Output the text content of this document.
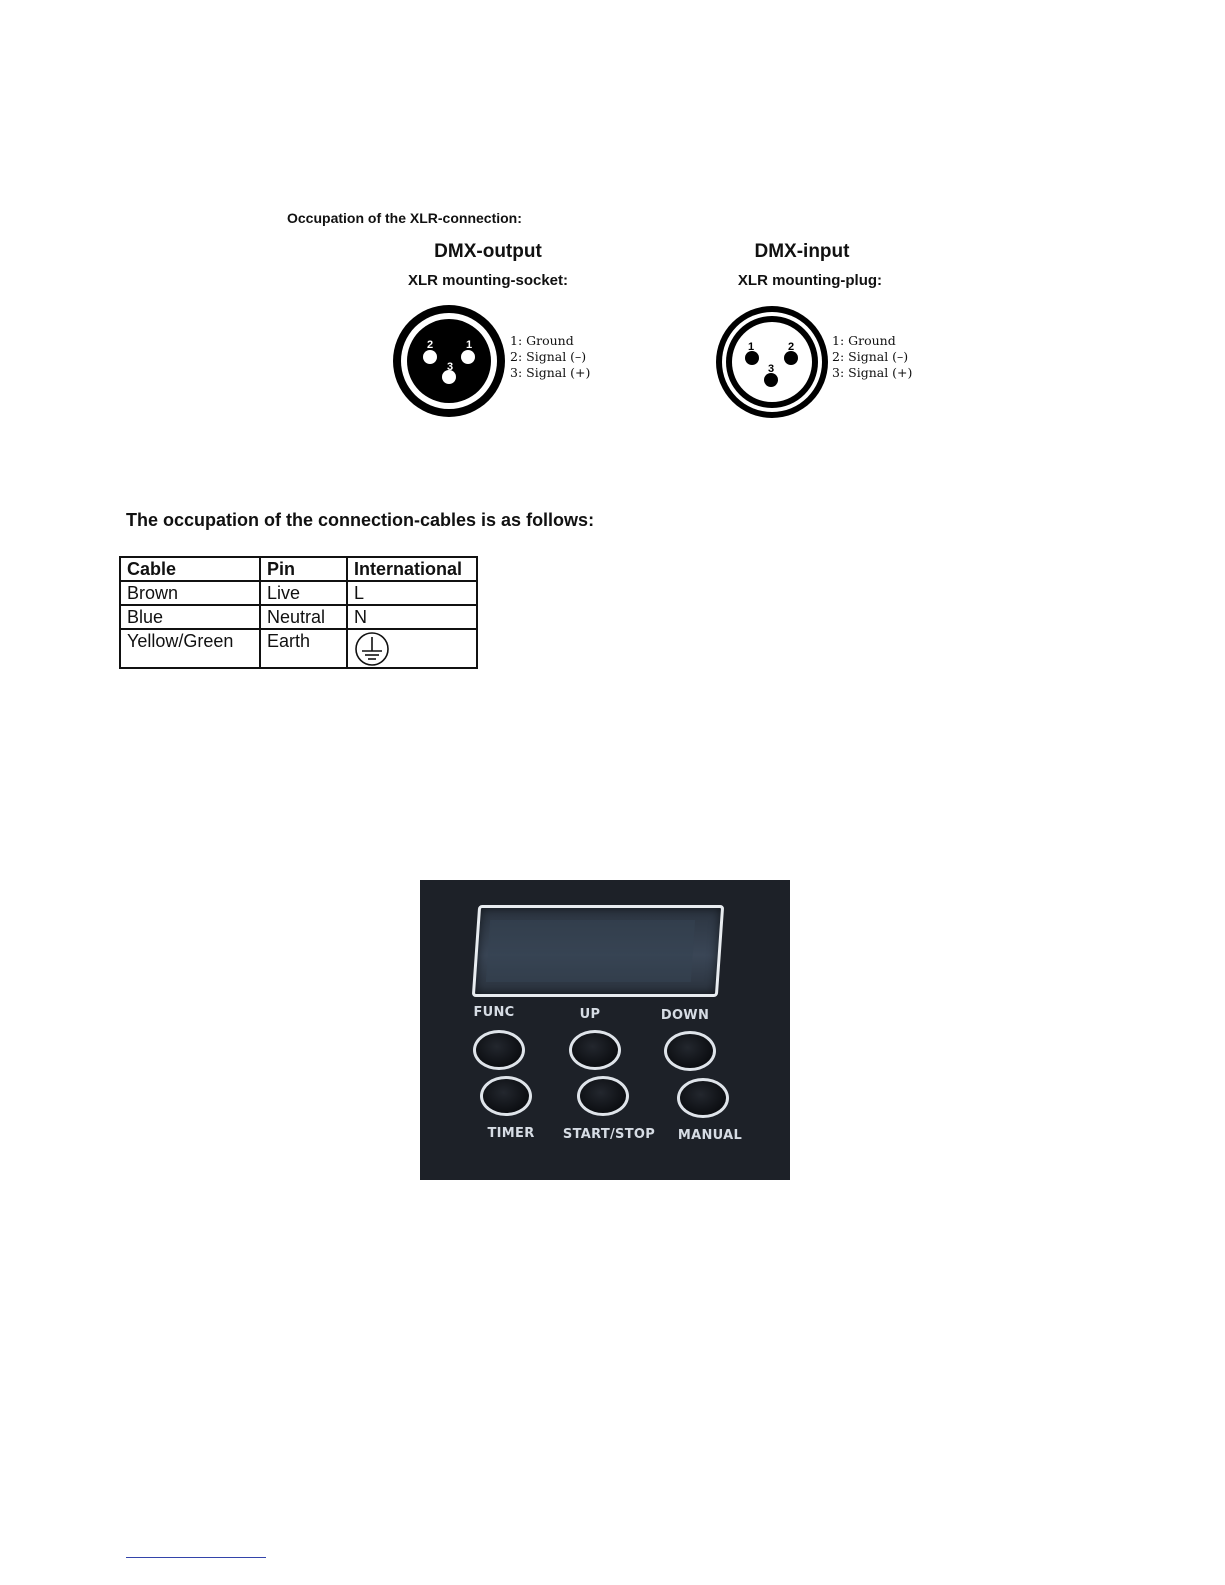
Occupation of the XLR-connection:
DMX-output
XLR mounting-socket:
2	1
3
1: Ground
2: Signal (–)
3: Signal (+)
DMX-input
XLR mounting-plug:
1	2
3
1: Ground
2: Signal (–)
3: Signal (+)
The occupation of the connection-cables is as follows:
Cable	Pin	International
Brown	Live	L
Blue	Neutral	N
Yellow/Green	Earth	
FUNC	UP	DOWN
TIMER START/STOP MANUAL
